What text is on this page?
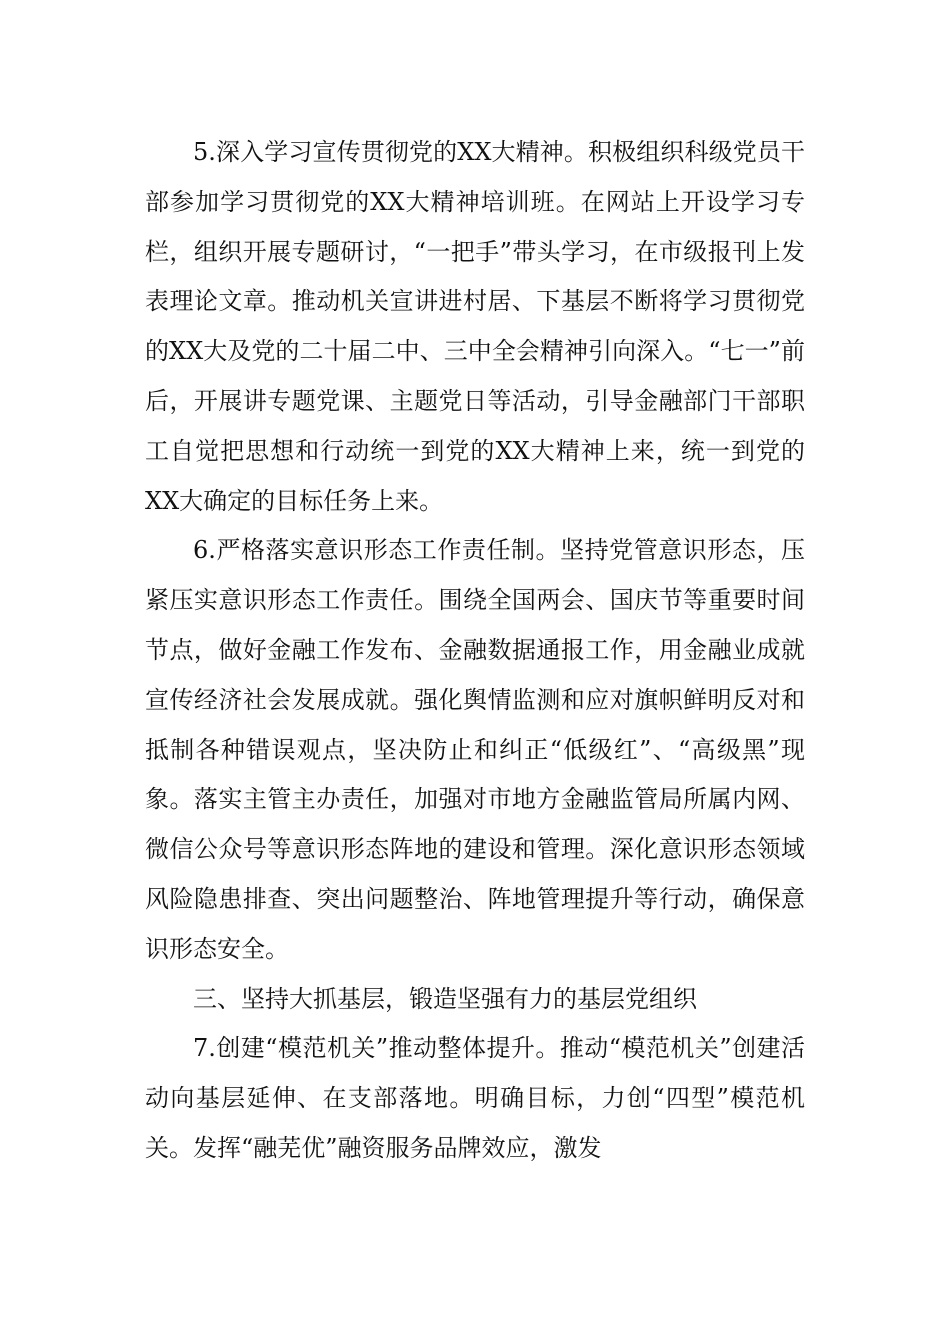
5.深入学习宣传贯彻党的XX大精神。积极组织科级党员干部参加学习贯彻党的XX大精神培训班。在网站上开设学习专栏，组织开展专题研讨，“一把手”带头学习，在市级报刊上发表理论文章。推动机关宣讲进村居、下基层不断将学习贯彻党的XX大及党的二十届二中、三中全会精神引向深入。“七一”前后，开展讲专题党课、主题党日等活动，引导金融部门干部职工自觉把思想和行动统一到党的XX大精神上来，统一到党的XX大确定的目标任务上来。

6.严格落实意识形态工作责任制。坚持党管意识形态，压紧压实意识形态工作责任。围绕全国两会、国庆节等重要时间节点，做好金融工作发布、金融数据通报工作，用金融业成就宣传经济社会发展成就。强化舆情监测和应对旗帜鲜明反对和抵制各种错误观点，坚决防止和纠正“低级红”、“高级黑”现象。落实主管主办责任，加强对市地方金融监管局所属内网、微信公众号等意识形态阵地的建设和管理。深化意识形态领域风险隐患排查、突出问题整治、阵地管理提升等行动，确保意识形态安全。

三、坚持大抓基层，锻造坚强有力的基层党组织

7.创建“模范机关”推动整体提升。推动“模范机关”创建活动向基层延伸、在支部落地。明确目标，力创“四型”模范机关。发挥“融芜优”融资服务品牌效应，激发
